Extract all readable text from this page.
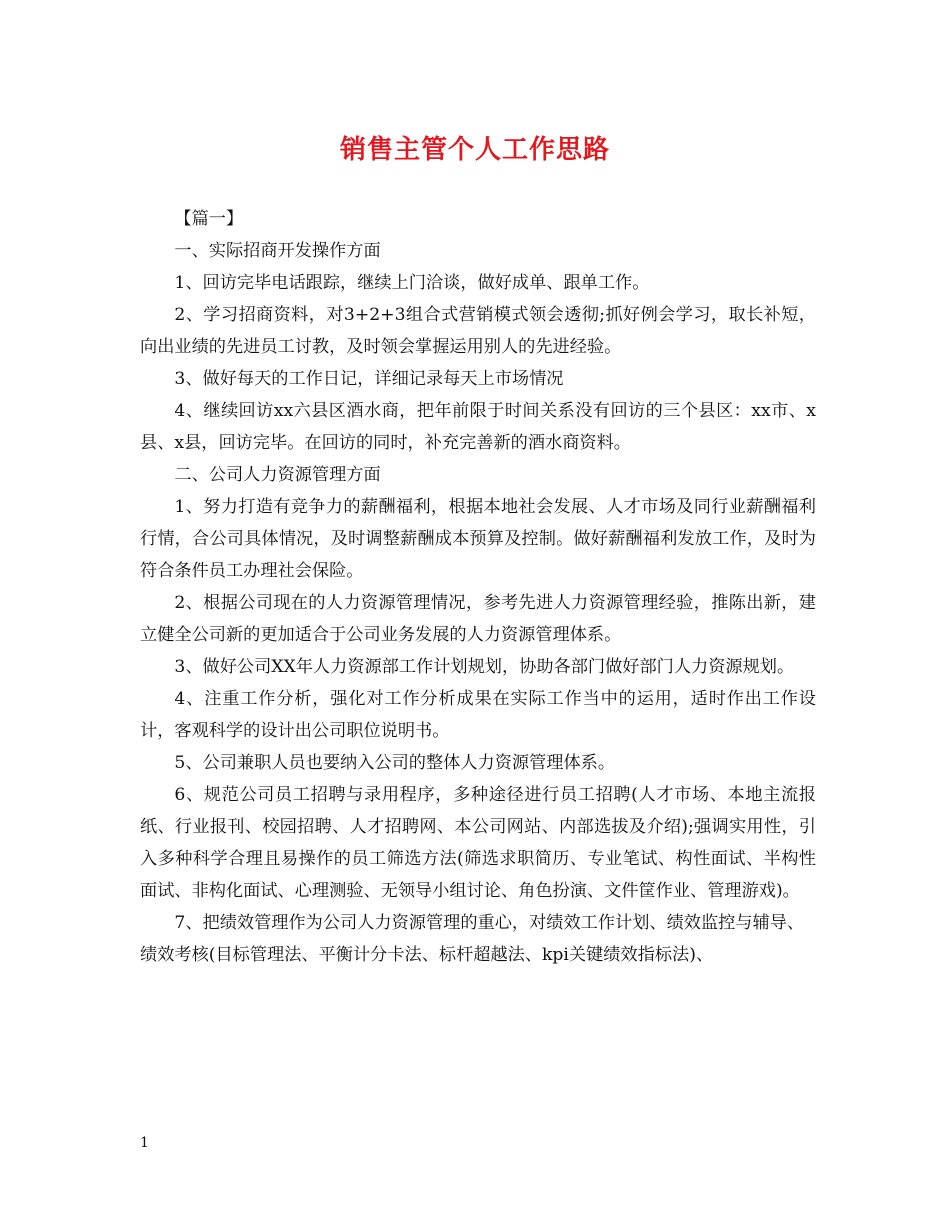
销售主管个人工作思路

【篇一】

一、实际招商开发操作方面

1、回访完毕电话跟踪，继续上门洽谈，做好成单、跟单工作。

2、学习招商资料，对3+2+3组合式营销模式领会透彻;抓好例会学习，取长补短，向出业绩的先进员工讨教，及时领会掌握运用别人的先进经验。

3、做好每天的工作日记，详细记录每天上市场情况

4、继续回访xx六县区酒水商，把年前限于时间关系没有回访的三个县区：xx市、x县、x县，回访完毕。在回访的同时，补充完善新的酒水商资料。

二、公司人力资源管理方面

1、努力打造有竞争力的薪酬福利，根据本地社会发展、人才市场及同行业薪酬福利行情，合公司具体情况，及时调整薪酬成本预算及控制。做好薪酬福利发放工作，及时为符合条件员工办理社会保险。

2、根据公司现在的人力资源管理情况，参考先进人力资源管理经验，推陈出新，建立健全公司新的更加适合于公司业务发展的人力资源管理体系。

3、做好公司XX年人力资源部工作计划规划，协助各部门做好部门人力资源规划。

4、注重工作分析，强化对工作分析成果在实际工作当中的运用，适时作出工作设计，客观科学的设计出公司职位说明书。

5、公司兼职人员也要纳入公司的整体人力资源管理体系。

6、规范公司员工招聘与录用程序，多种途径进行员工招聘(人才市场、本地主流报纸、行业报刊、校园招聘、人才招聘网、本公司网站、内部选拔及介绍);强调实用性，引入多种科学合理且易操作的员工筛选方法(筛选求职简历、专业笔试、构性面试、半构性面试、非构化面试、心理测验、无领导小组讨论、角色扮演、文件筐作业、管理游戏)。

7、把绩效管理作为公司人力资源管理的重心，对绩效工作计划、绩效监控与辅导、绩效考核(目标管理法、平衡计分卡法、标杆超越法、kpi关键绩效指标法)、

1
